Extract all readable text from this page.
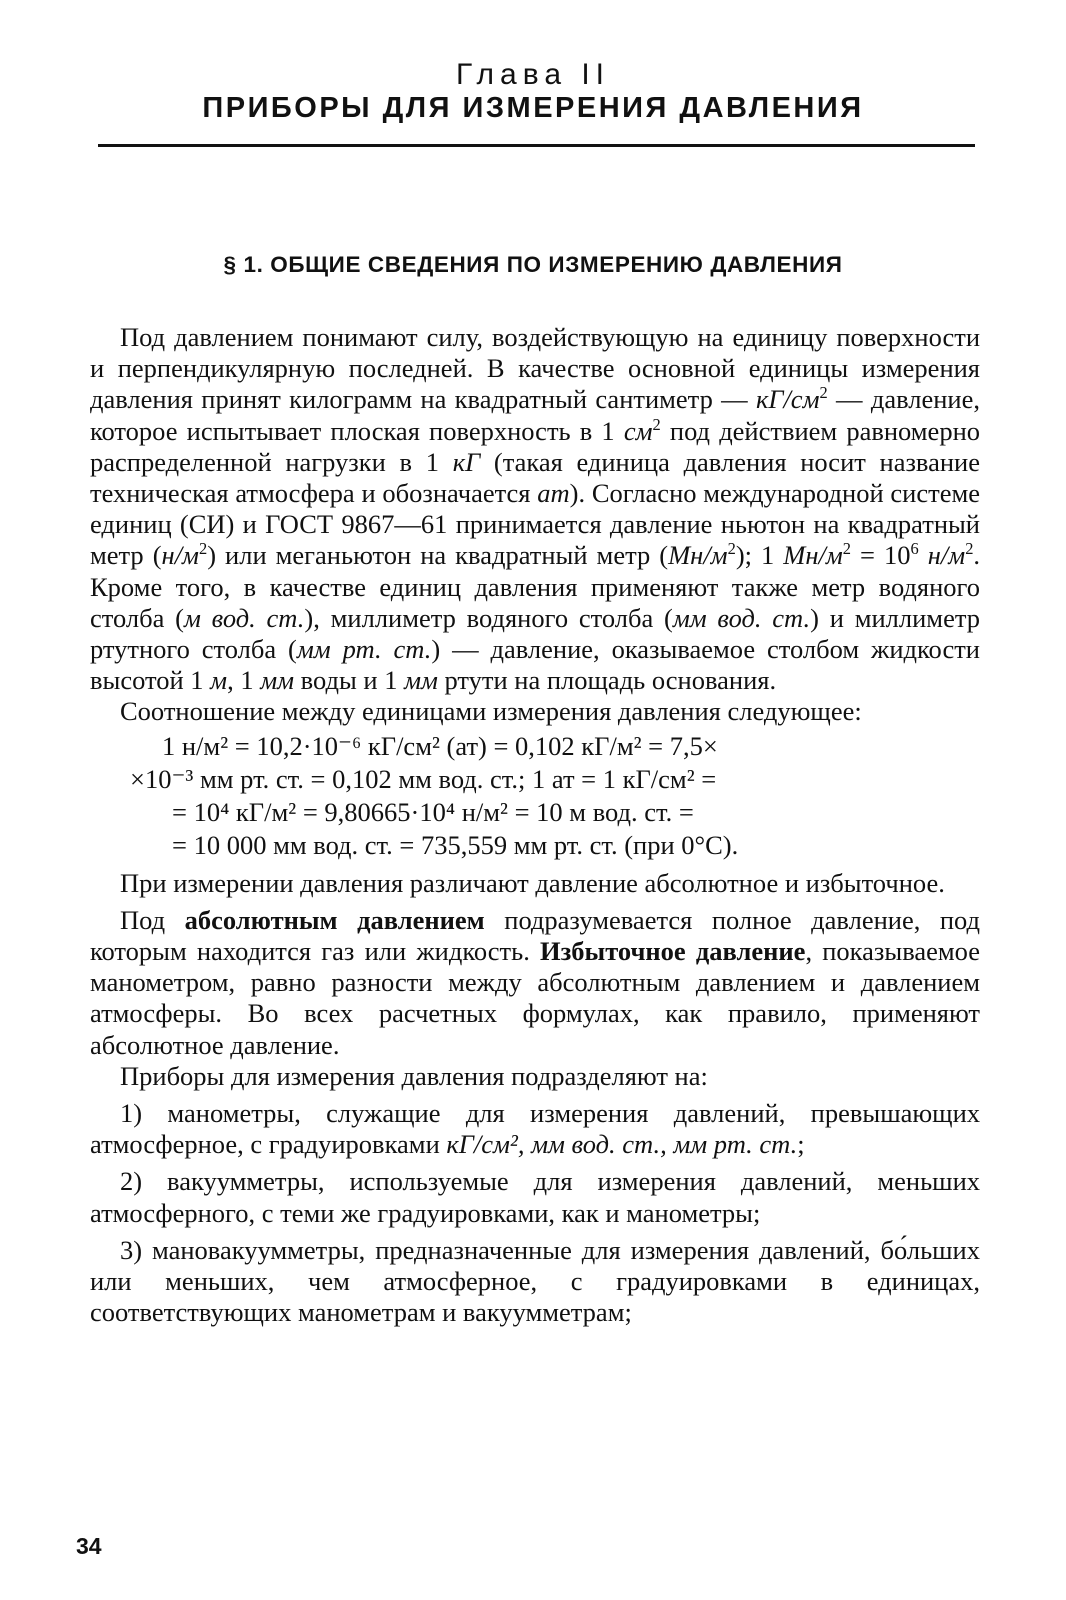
Глава II
ПРИБОРЫ ДЛЯ ИЗМЕРЕНИЯ ДАВЛЕНИЯ
§ 1. ОБЩИЕ СВЕДЕНИЯ ПО ИЗМЕРЕНИЮ ДАВЛЕНИЯ

Под давлением понимают силу, воздействующую на единицу поверхности и перпендикулярную последней. В качестве основной единицы измерения давления принят килограмм на квадратный сантиметр — $кГ/см^2$ — давление, которое испытывает плоская поверхность в 1 $см^2$ под действием равномерно распределенной нагрузки в 1 кГ (такая единица давления носит название техническая атмосфера и обозначается ат). Согласно международной системе единиц (СИ) и ГОСТ 9867—61 принимается давление ньютон на квадратный метр $(н/м^2)$ или меганьютон на квадратный метр $(Мн/м^2)$; 1 $Мн/м^2 = 10^6$ $н/м^2$. Кроме того, в качестве единиц давления применяют также метр водяного столба (м вод. ст.), миллиметр водяного столба (мм вод. ст.) и миллиметр ртутного столба (мм рт. ст.) — давление, оказываемое столбом жидкости высотой 1 м, 1 мм воды и 1 мм ртути на площадь основания.

Соотношение между единицами измерения давления следующее:

1 н/м² = 10,2·10⁻⁶ кГ/см² (ат) = 0,102 кГ/м² = 7,5×
×10⁻³ мм рт. ст. = 0,102 мм вод. ст.; 1 ат = 1 кГ/см² =
= 10⁴ кГ/м² = 9,80665·10⁴ н/м² = 10 м вод. ст. =
= 10 000 мм вод. ст. = 735,559 мм рт. ст. (при 0°С).

При измерении давления различают давление абсолютное и избыточное.

Под абсолютным давлением подразумевается полное давление, под которым находится газ или жидкость. Избыточное давление, показываемое манометром, равно разности между абсолютным давлением и давлением атмосферы. Во всех расчетных формулах, как правило, применяют абсолютное давление.

Приборы для измерения давления подразделяют на:

1) манометры, служащие для измерения давлений, превышающих атмосферное, с градуировками кГ/см², мм вод. ст., мм рт. ст.;

2) вакуумметры, используемые для измерения давлений, меньших атмосферного, с теми же градуировками, как и манометры;

3) мановакуумметры, предназначенные для измерения давлений, бо́льших или меньших, чем атмосферное, с градуировками в единицах, соответствующих манометрам и вакуумметрам;

34
